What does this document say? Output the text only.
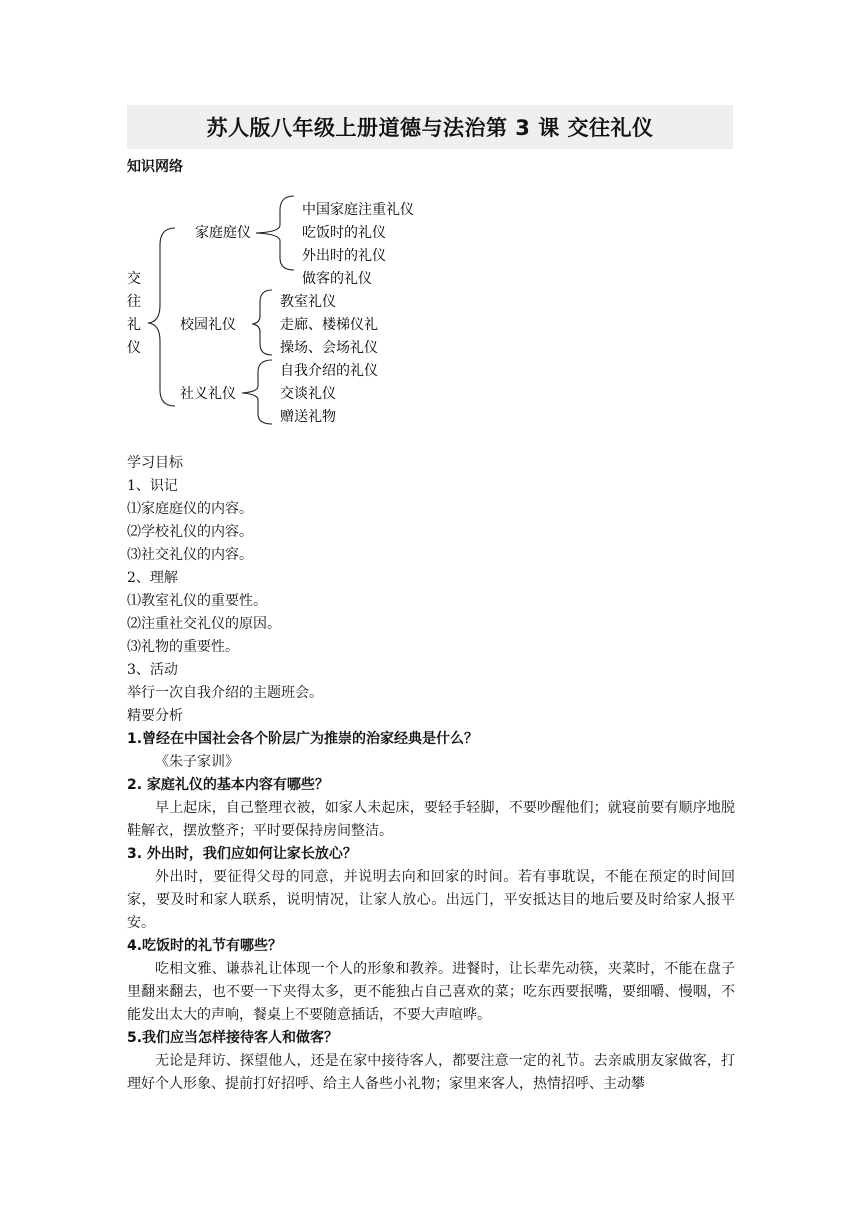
苏人版八年级上册道德与法治第 3 课 交往礼仪
知识网络
交
往
礼
仪
家庭庭仪
校园礼仪
社义礼仪
中国家庭注重礼仪
吃饭时的礼仪
外出时的礼仪
做客的礼仪
教室礼仪
走廊、楼梯仪礼
操场、会场礼仪
自我介绍的礼仪
交谈礼仪
赠送礼物

学习目标

1、识记

⑴家庭庭仪的内容。

⑵学校礼仪的内容。

⑶社交礼仪的内容。

2、理解

⑴教室礼仪的重要性。

⑵注重社交礼仪的原因。

⑶礼物的重要性。

3、活动

举行一次自我介绍的主题班会。

精要分析

1.曾经在中国社会各个阶层广为推崇的治家经典是什么？

《朱子家训》

2. 家庭礼仪的基本内容有哪些？

早上起床，自己整理衣被，如家人未起床，要轻手轻脚，不要吵醒他们；就寝前要有顺序地脱鞋解衣，摆放整齐；平时要保持房间整洁。

3. 外出时，我们应如何让家长放心？

外出时，要征得父母的同意，并说明去向和回家的时间。若有事耽误，不能在预定的时间回家，要及时和家人联系，说明情况，让家人放心。出远门，平安抵达目的地后要及时给家人报平安。

4.吃饭时的礼节有哪些？

吃相文雅、谦恭礼让体现一个人的形象和教养。进餐时，让长辈先动筷，夹菜时，不能在盘子里翻来翻去，也不要一下夹得太多，更不能独占自己喜欢的菜；吃东西要抿嘴，要细嚼、慢咽，不能发出太大的声响，餐桌上不要随意插话，不要大声喧哗。

5.我们应当怎样接待客人和做客？

无论是拜访、探望他人，还是在家中接待客人，都要注意一定的礼节。去亲戚朋友家做客，打理好个人形象、提前打好招呼、给主人备些小礼物；家里来客人，热情招呼、主动攀
